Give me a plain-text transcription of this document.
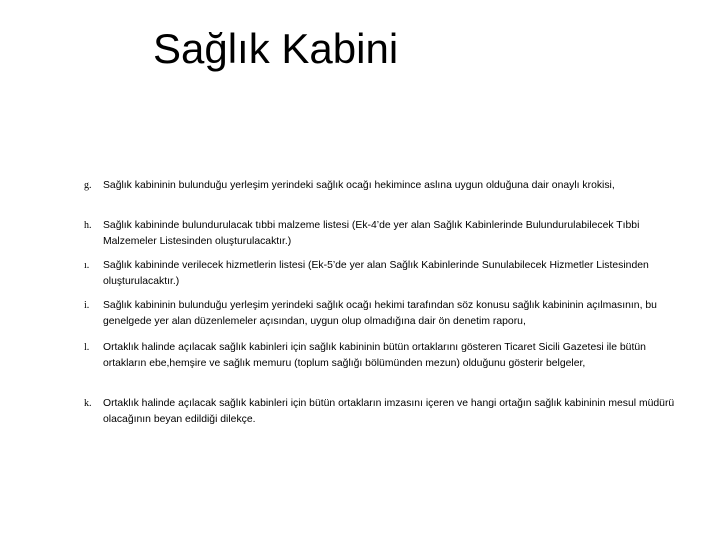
Sağlık Kabini
g. Sağlık kabininin bulunduğu yerleşim yerindeki sağlık ocağı hekimince aslına uygun olduğuna dair onaylı krokisi,
h. Sağlık kabininde bulundurulacak tıbbi malzeme listesi (Ek-4’de yer alan Sağlık Kabinlerinde Bulundurulabilecek Tıbbi Malzemeler Listesinden oluşturulacaktır.)
ı. Sağlık kabininde verilecek hizmetlerin listesi (Ek-5’de yer alan Sağlık Kabinlerinde Sunulabilecek Hizmetler Listesinden oluşturulacaktır.)
i. Sağlık kabininin bulunduğu yerleşim yerindeki sağlık ocağı hekimi tarafından söz konusu sağlık kabininin açılmasının, bu genelgede yer alan düzenlemeler açısından, uygun olup olmadığına dair ön denetim raporu,
l. Ortaklık halinde açılacak sağlık kabinleri için sağlık kabininin bütün ortaklarını gösteren Ticaret Sicili Gazetesi ile bütün ortakların ebe,hemşire ve sağlık memuru (toplum sağlığı bölümünden mezun) olduğunu gösterir belgeler,
k. Ortaklık halinde açılacak sağlık kabinleri için bütün ortakların imzasını içeren ve hangi ortağın sağlık kabininin mesul müdürü olacağının beyan edildiği dilekçe.
